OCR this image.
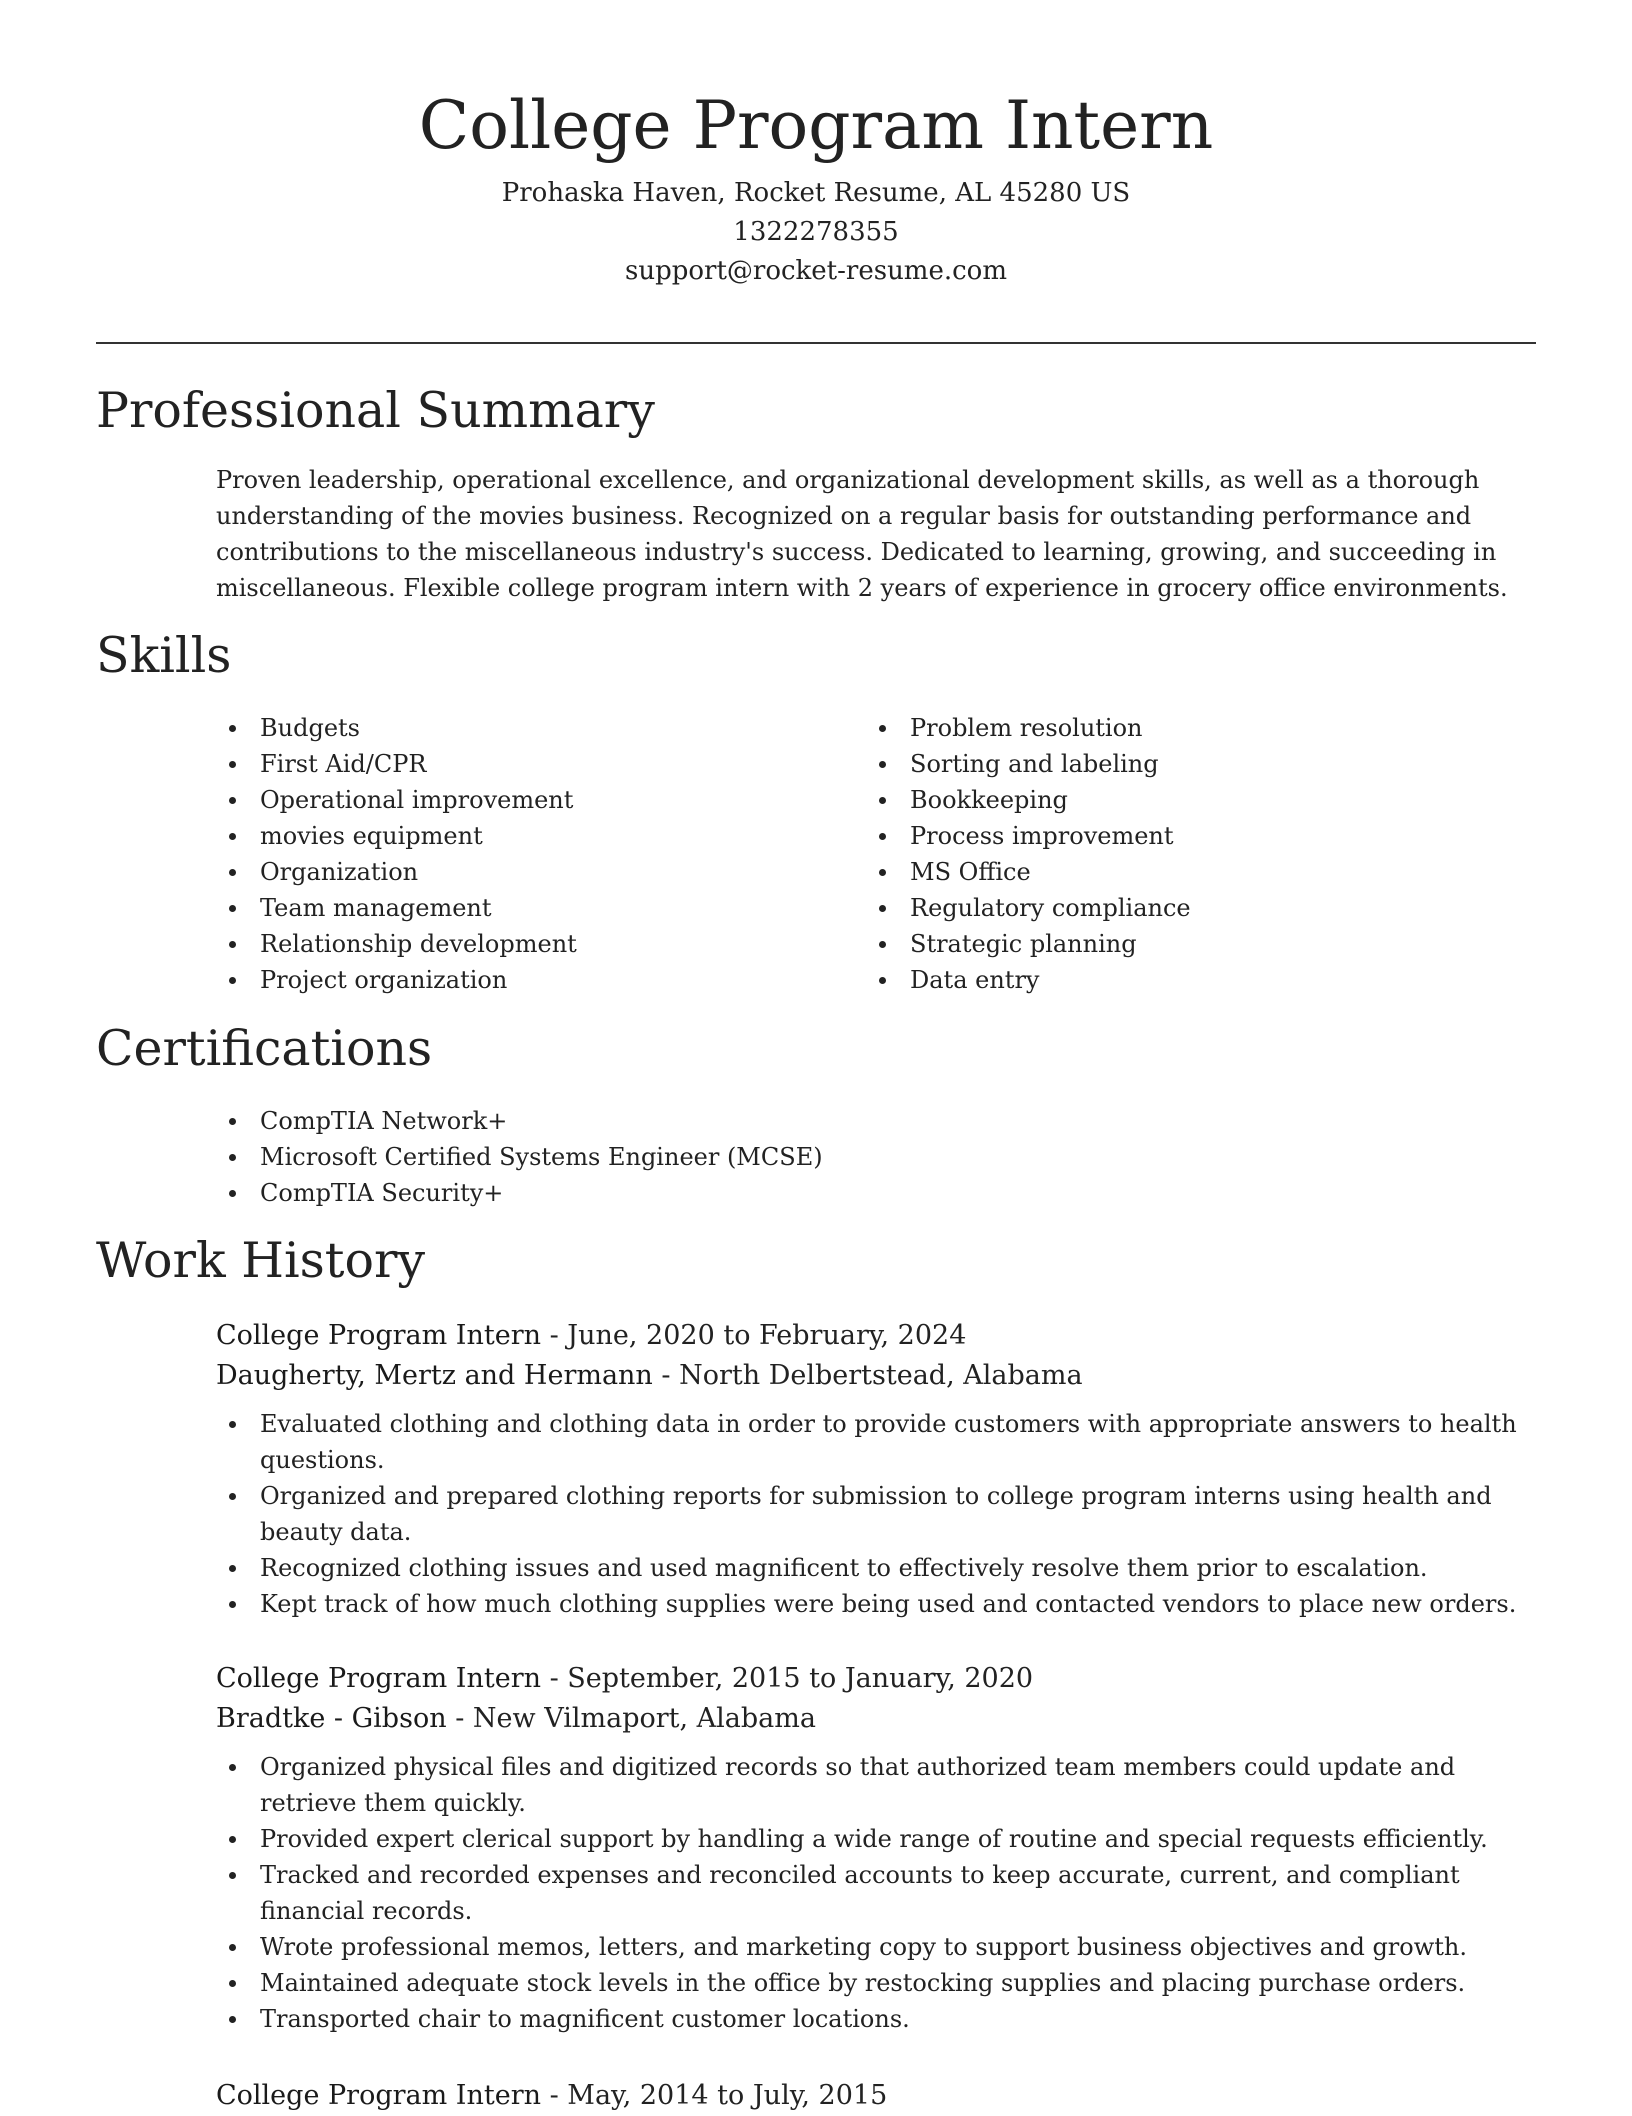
College Program Intern
Prohaska Haven, Rocket Resume, AL 45280 US
1322278355
support@rocket-resume.com
Professional Summary

Proven leadership, operational excellence, and organizational development skills, as well as a thorough understanding of the movies business. Recognized on a regular basis for outstanding performance and contributions to the miscellaneous industry's success. Dedicated to learning, growing, and succeeding in miscellaneous. Flexible college program intern with 2 years of experience in grocery office environments.

Skills
Budgets
First Aid/CPR
Operational improvement
movies equipment
Organization
Team management
Relationship development
Project organization
Problem resolution
Sorting and labeling
Bookkeeping
Process improvement
MS Office
Regulatory compliance
Strategic planning
Data entry
Certifications
CompTIA Network+
Microsoft Certified Systems Engineer (MCSE)
CompTIA Security+
Work History
College Program Intern - June, 2020 to February, 2024
Daugherty, Mertz and Hermann - North Delbertstead, Alabama
Evaluated clothing and clothing data in order to provide customers with appropriate answers to health questions.
Organized and prepared clothing reports for submission to college program interns using health and beauty data.
Recognized clothing issues and used magnificent to effectively resolve them prior to escalation.
Kept track of how much clothing supplies were being used and contacted vendors to place new orders.
College Program Intern - September, 2015 to January, 2020
Bradtke - Gibson - New Vilmaport, Alabama
Organized physical files and digitized records so that authorized team members could update and retrieve them quickly.
Provided expert clerical support by handling a wide range of routine and special requests efficiently.
Tracked and recorded expenses and reconciled accounts to keep accurate, current, and compliant financial records.
Wrote professional memos, letters, and marketing copy to support business objectives and growth.
Maintained adequate stock levels in the office by restocking supplies and placing purchase orders.
Transported chair to magnificent customer locations.
College Program Intern - May, 2014 to July, 2015
